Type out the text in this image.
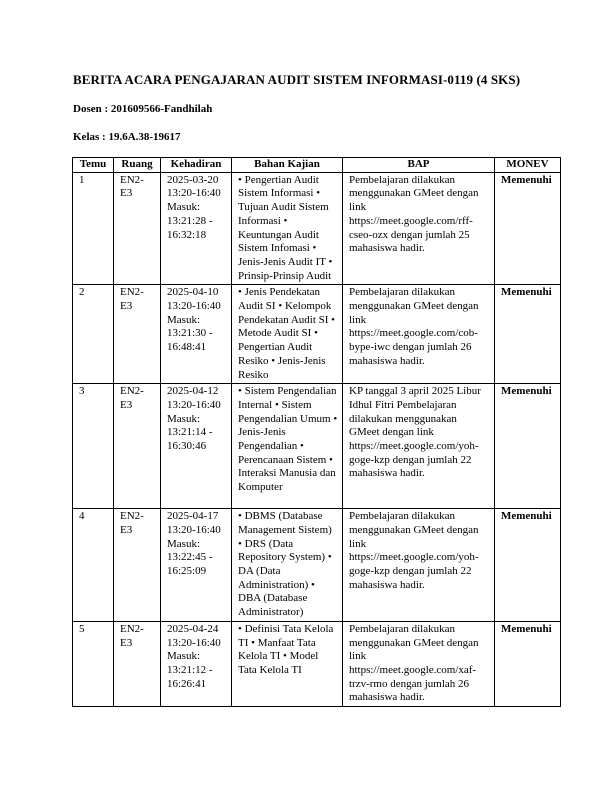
BERITA ACARA PENGAJARAN AUDIT SISTEM INFORMASI-0119 (4 SKS)
Dosen : 201609566-Fandhilah
Kelas : 19.6A.38-19617
Temu	Ruang	Kehadiran	Bahan Kajian	BAP	MONEV
1	EN2-E3	2025-03-20 13:20-16:40 Masuk: 13:21:28 - 16:32:18	• Pengertian Audit Sistem Informasi • Tujuan Audit Sistem Informasi • Keuntungan Audit Sistem Infomasi • Jenis-Jenis Audit IT • Prinsip-Prinsip Audit	Pembelajaran dilakukan menggunakan GMeet dengan link https://meet.google.com/rff-cseo-ozx dengan jumlah 25 mahasiswa hadir.	Memenuhi
2	EN2-E3	2025-04-10 13:20-16:40 Masuk: 13:21:30 - 16:48:41	• Jenis Pendekatan Audit SI • Kelompok Pendekatan Audit SI • Metode Audit SI • Pengertian Audit Resiko • Jenis-Jenis Resiko	Pembelajaran dilakukan menggunakan GMeet dengan link https://meet.google.com/cob-bype-iwc dengan jumlah 26 mahasiswa hadir.	Memenuhi
3	EN2-E3	2025-04-12 13:20-16:40 Masuk: 13:21:14 - 16:30:46	• Sistem Pengendalian Internal • Sistem Pengendalian Umum • Jenis-Jenis Pengendalian • Perencanaan Sistem • Interaksi Manusia dan Komputer	KP tanggal 3 april 2025 Libur Idhul Fitri Pembelajaran dilakukan menggunakan GMeet dengan link https://meet.google.com/yoh-goge-kzp dengan jumlah 22 mahasiswa hadir.	Memenuhi
4	EN2-E3	2025-04-17 13:20-16:40 Masuk: 13:22:45 - 16:25:09	• DBMS (Database Management Sistem) • DRS (Data Repository System) • DA (Data Administration) • DBA (Database Administrator)	Pembelajaran dilakukan menggunakan GMeet dengan link https://meet.google.com/yoh-goge-kzp dengan jumlah 22 mahasiswa hadir.	Memenuhi
5	EN2-E3	2025-04-24 13:20-16:40 Masuk: 13:21:12 - 16:26:41	• Definisi Tata Kelola TI • Manfaat Tata Kelola TI • Model Tata Kelola TI	Pembelajaran dilakukan menggunakan GMeet dengan link https://meet.google.com/xaf-trzv-rmo dengan jumlah 26 mahasiswa hadir.	Memenuhi
